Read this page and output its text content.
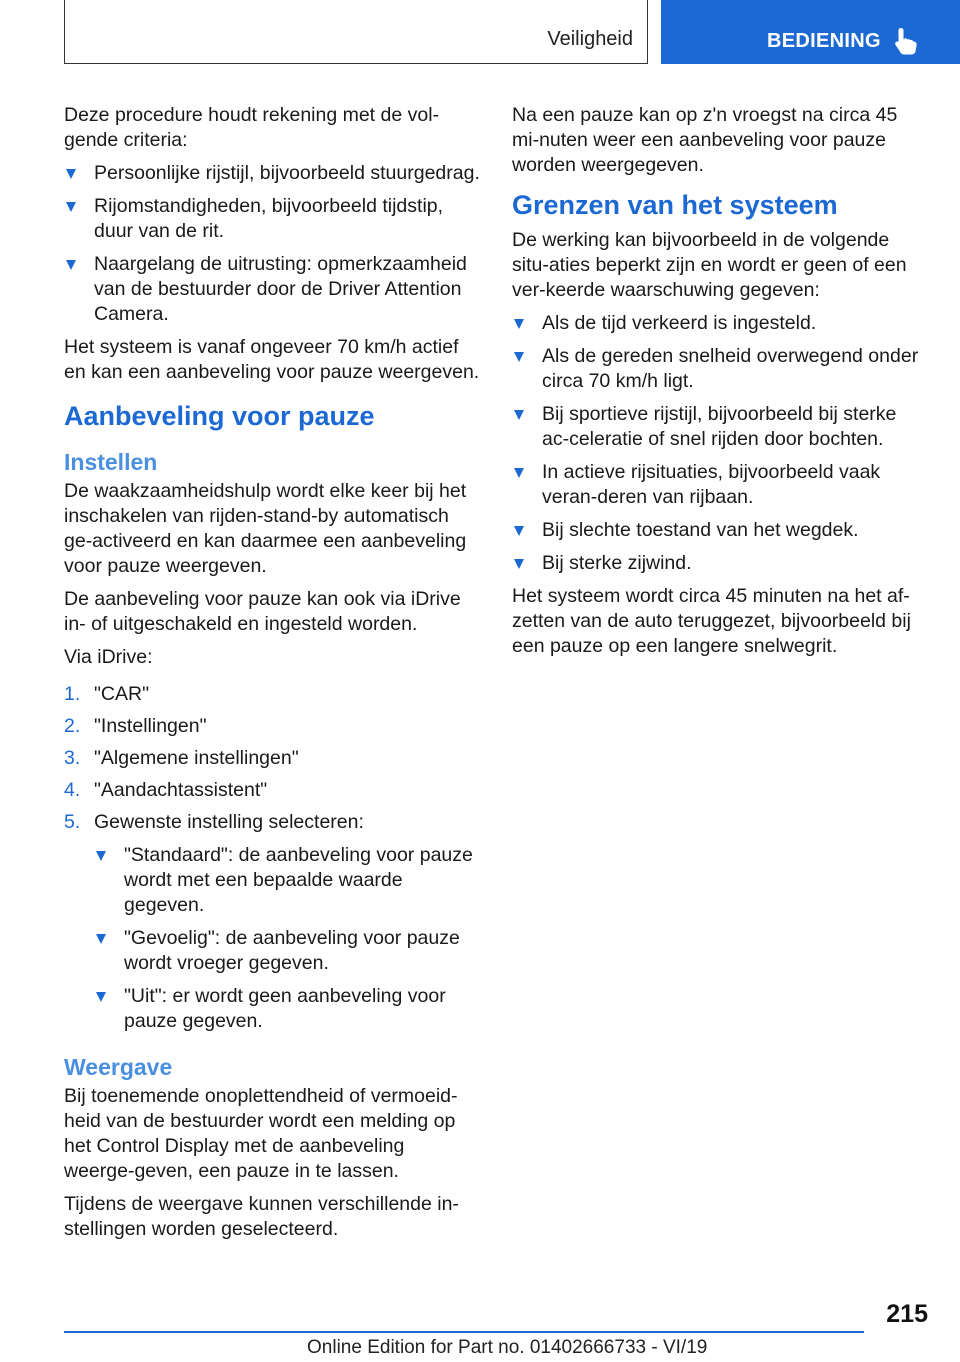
Veiligheid	BEDIENING

Deze procedure houdt rekening met de vol-gende criteria:

Persoonlijke rijstijl, bijvoorbeeld stuurgedrag.
Rijomstandigheden, bijvoorbeeld tijdstip, duur van de rit.
Naargelang de uitrusting: opmerkzaamheid van de bestuurder door de Driver Attention Camera.

Het systeem is vanaf ongeveer 70 km/h actief en kan een aanbeveling voor pauze weergeven.

Aanbeveling voor pauze
Instellen

De waakzaamheidshulp wordt elke keer bij het inschakelen van rijden-stand-by automatisch ge-activeerd en kan daarmee een aanbeveling voor pauze weergeven.

De aanbeveling voor pauze kan ook via iDrive in- of uitgeschakeld en ingesteld worden.

Via iDrive:

1. "CAR"
2. "Instellingen"
3. "Algemene instellingen"
4. "Aandachtassistent"
5. Gewenste instelling selecteren:
"Standaard": de aanbeveling voor pauze wordt met een bepaalde waarde gegeven.
"Gevoelig": de aanbeveling voor pauze wordt vroeger gegeven.
"Uit": er wordt geen aanbeveling voor pauze gegeven.
Weergave

Bij toenemende onoplettendheid of vermoeid-heid van de bestuurder wordt een melding op het Control Display met de aanbeveling weerge-geven, een pauze in te lassen.

Tijdens de weergave kunnen verschillende in-stellingen worden geselecteerd.

Na een pauze kan op z'n vroegst na circa 45 mi-nuten weer een aanbeveling voor pauze worden weergegeven.

Grenzen van het systeem

De werking kan bijvoorbeeld in de volgende situ-aties beperkt zijn en wordt er geen of een ver-keerde waarschuwing gegeven:

Als de tijd verkeerd is ingesteld.
Als de gereden snelheid overwegend onder circa 70 km/h ligt.
Bij sportieve rijstijl, bijvoorbeeld bij sterke ac-celeratie of snel rijden door bochten.
In actieve rijsituaties, bijvoorbeeld vaak veran-deren van rijbaan.
Bij slechte toestand van het wegdek.
Bij sterke zijwind.

Het systeem wordt circa 45 minuten na het af-zetten van de auto teruggezet, bijvoorbeeld bij een pauze op een langere snelwegrit.

215
Online Edition for Part no. 01402666733 - VI/19
